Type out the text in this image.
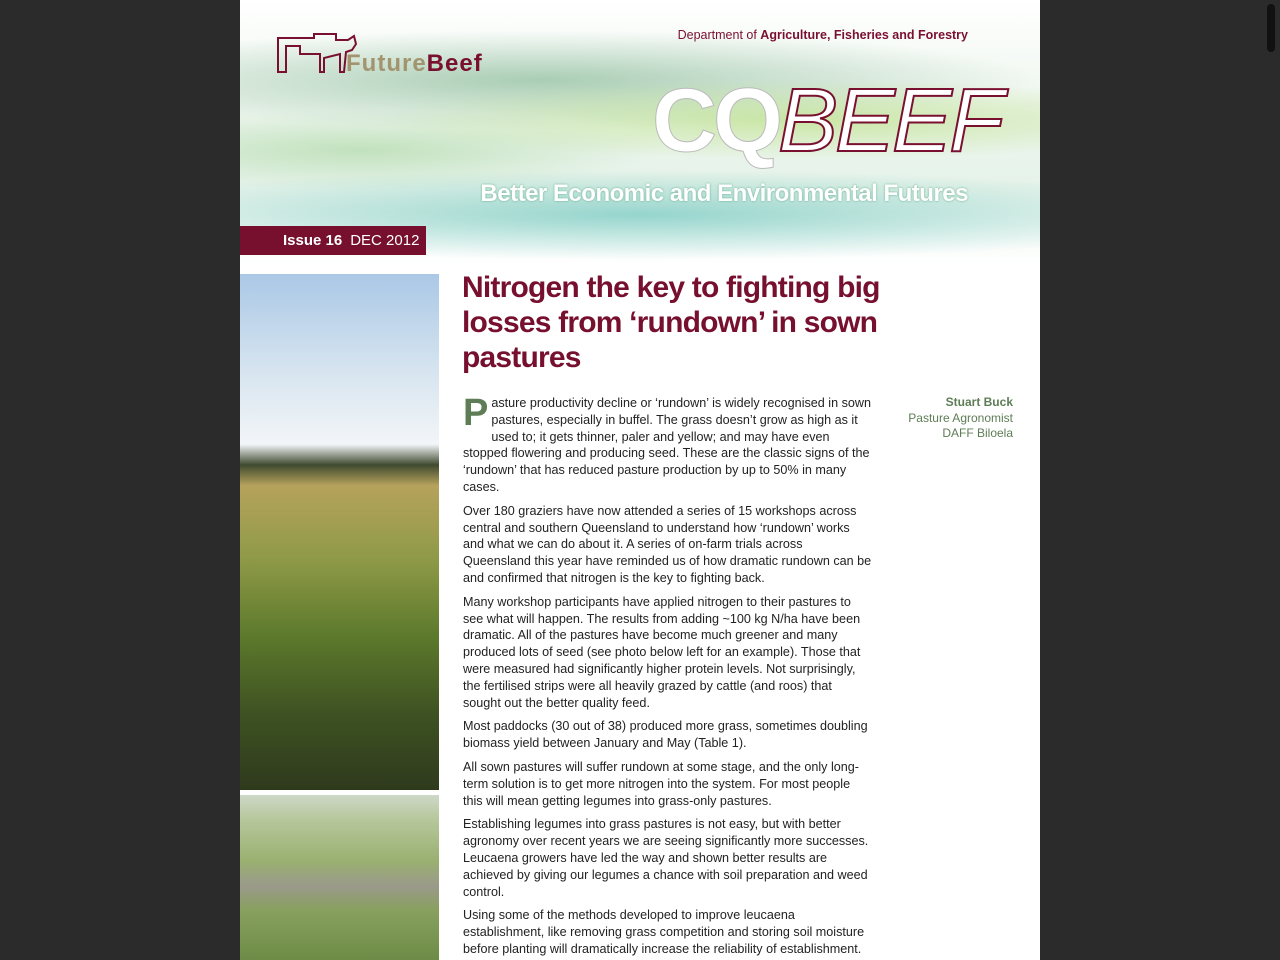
FutureBeef
Department of Agriculture, Fisheries and Forestry
CQ BEEF
Better Economic and Environmental Futures
Issue 16 DEC 2012
Nitrogen the key to fighting big losses from ‘rundown’ in sown pastures
Stuart Buck
Pasture Agronomist
DAFF Biloela

Pasture productivity decline or ‘rundown’ is widely recognised in sown pastures, especially in buffel. The grass doesn’t grow as high as it used to; it gets thinner, paler and yellow; and may have even stopped flowering and producing seed. These are the classic signs of the ‘rundown’ that has reduced pasture production by up to 50% in many cases.

Over 180 graziers have now attended a series of 15 workshops across central and southern Queensland to understand how ‘rundown’ works and what we can do about it. A series of on-farm trials across Queensland this year have reminded us of how dramatic rundown can be and confirmed that nitrogen is the key to fighting back.

Many workshop participants have applied nitrogen to their pastures to see what will happen. The results from adding ~100 kg N/ha have been dramatic. All of the pastures have become much greener and many produced lots of seed (see photo below left for an example). Those that were measured had significantly higher protein levels. Not surprisingly, the fertilised strips were all heavily grazed by cattle (and roos) that sought out the better quality feed.

Most paddocks (30 out of 38) produced more grass, sometimes doubling biomass yield between January and May (Table 1).

All sown pastures will suffer rundown at some stage, and the only long-term solution is to get more nitrogen into the system. For most people this will mean getting legumes into grass-only pastures.

Establishing legumes into grass pastures is not easy, but with better agronomy over recent years we are seeing significantly more successes. Leucaena growers have led the way and shown better results are achieved by giving our legumes a chance with soil preparation and weed control.

Using some of the methods developed to improve leucaena establishment, like removing grass competition and storing soil moisture before planting will dramatically increase the reliability of establishment.
